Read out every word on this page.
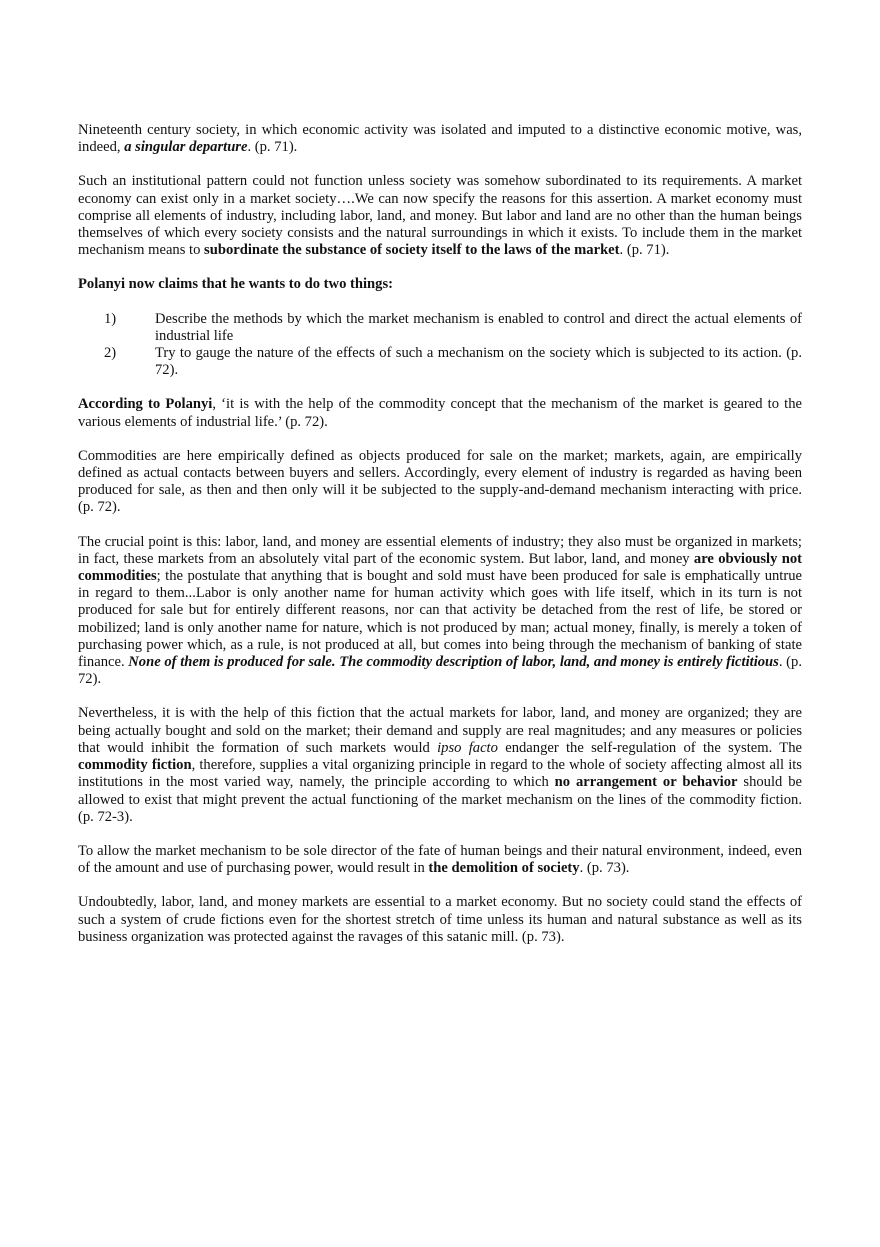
Nineteenth century society, in which economic activity was isolated and imputed to a distinctive economic motive, was, indeed, a singular departure. (p. 71).

Such an institutional pattern could not function unless society was somehow subordinated to its requirements. A market economy can exist only in a market society….We can now specify the reasons for this assertion. A market economy must comprise all elements of industry, including labor, land, and money. But labor and land are no other than the human beings themselves of which every society consists and the natural surroundings in which it exists. To include them in the market mechanism means to subordinate the substance of society itself to the laws of the market. (p. 71).

Polanyi now claims that he wants to do two things:

1)	Describe the methods by which the market mechanism is enabled to control and direct the actual elements of industrial life
2)	Try to gauge the nature of the effects of such a mechanism on the society which is subjected to its action. (p. 72).

According to Polanyi, ‘it is with the help of the commodity concept that the mechanism of the market is geared to the various elements of industrial life.’ (p. 72).

Commodities are here empirically defined as objects produced for sale on the market; markets, again, are empirically defined as actual contacts between buyers and sellers. Accordingly, every element of industry is regarded as having been produced for sale, as then and then only will it be subjected to the supply-and-demand mechanism interacting with price. (p. 72).

The crucial point is this: labor, land, and money are essential elements of industry; they also must be organized in markets; in fact, these markets from an absolutely vital part of the economic system. But labor, land, and money are obviously not commodities; the postulate that anything that is bought and sold must have been produced for sale is emphatically untrue in regard to them...Labor is only another name for human activity which goes with life itself, which in its turn is not produced for sale but for entirely different reasons, nor can that activity be detached from the rest of life, be stored or mobilized; land is only another name for nature, which is not produced by man; actual money, finally, is merely a token of purchasing power which, as a rule, is not produced at all, but comes into being through the mechanism of banking of state finance. None of them is produced for sale. The commodity description of labor, land, and money is entirely fictitious. (p. 72).

Nevertheless, it is with the help of this fiction that the actual markets for labor, land, and money are organized; they are being actually bought and sold on the market; their demand and supply are real magnitudes; and any measures or policies that would inhibit the formation of such markets would ipso facto endanger the self-regulation of the system. The commodity fiction, therefore, supplies a vital organizing principle in regard to the whole of society affecting almost all its institutions in the most varied way, namely, the principle according to which no arrangement or behavior should be allowed to exist that might prevent the actual functioning of the market mechanism on the lines of the commodity fiction. (p. 72-3).

To allow the market mechanism to be sole director of the fate of human beings and their natural environment, indeed, even of the amount and use of purchasing power, would result in the demolition of society. (p. 73).

Undoubtedly, labor, land, and money markets are essential to a market economy. But no society could stand the effects of such a system of crude fictions even for the shortest stretch of time unless its human and natural substance as well as its business organization was protected against the ravages of this satanic mill. (p. 73).
